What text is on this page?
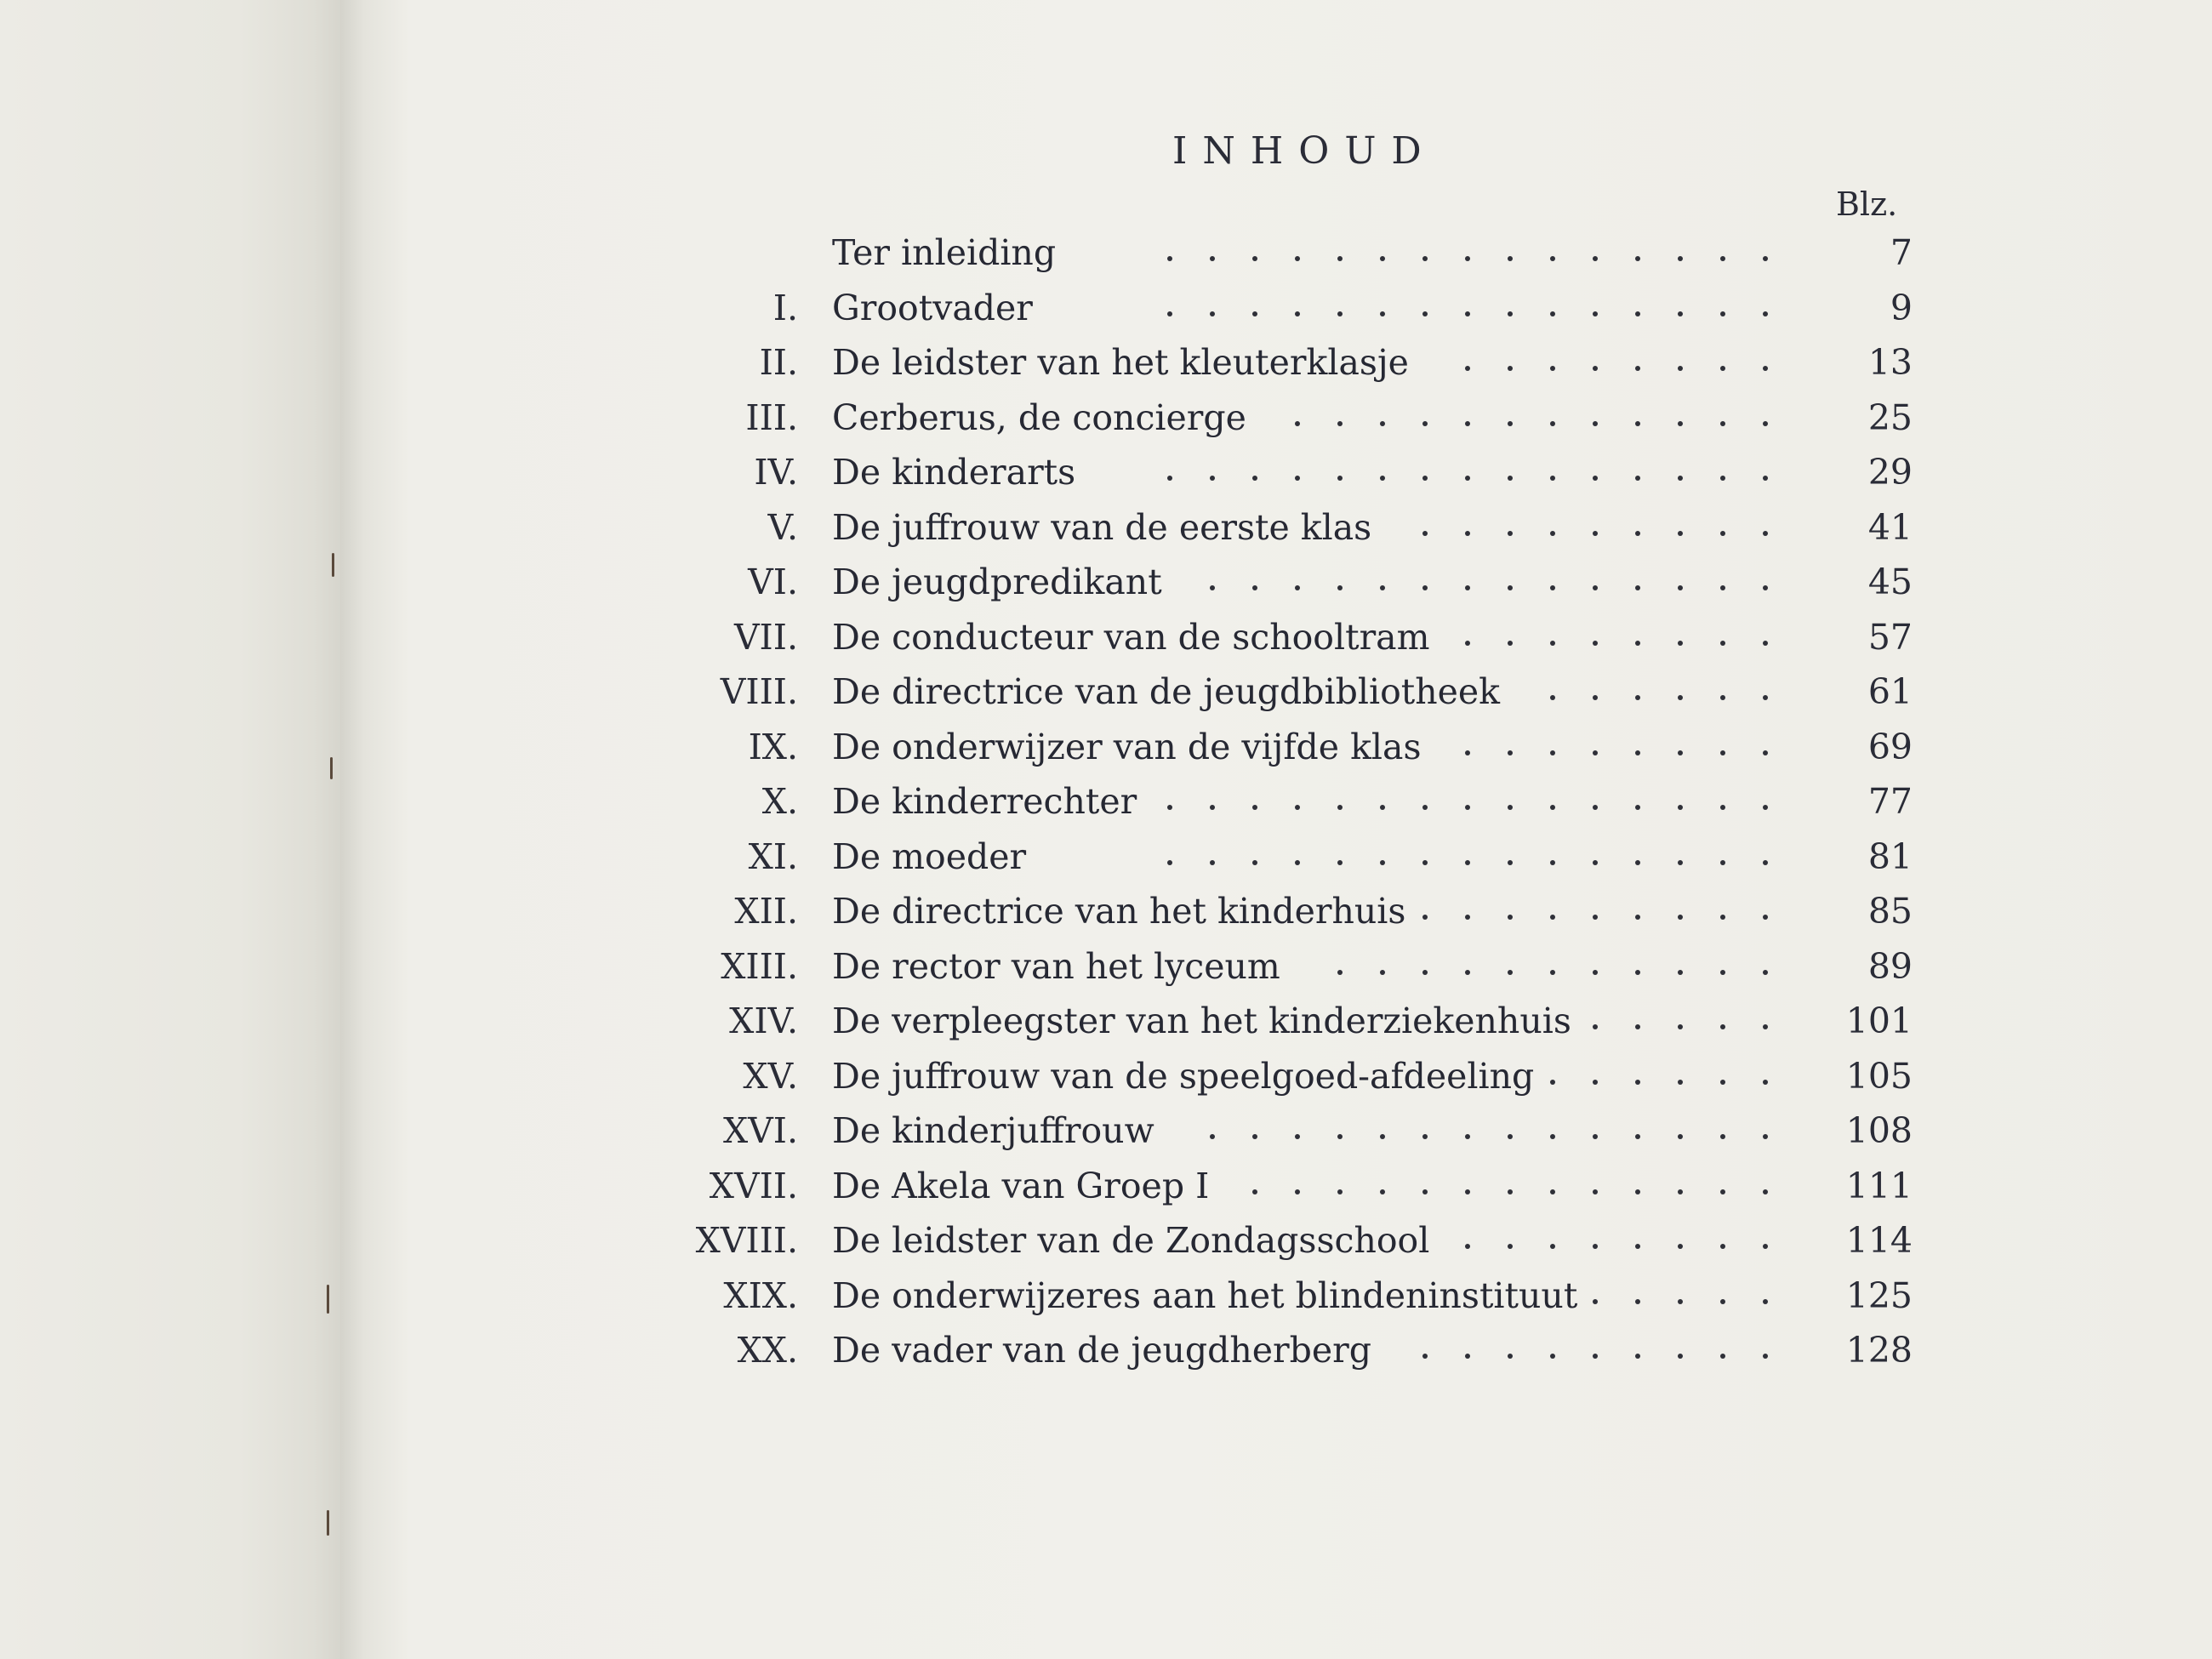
INHOUD
Blz.
Ter inleiding	7
I. Grootvader	9
II. De leidster van het kleuterklasje	13
III. Cerberus, de concierge	25
IV. De kinderarts	29
V. De juffrouw van de eerste klas	41
VI. De jeugdpredikant	45
VII. De conducteur van de schooltram	57
VIII. De directrice van de jeugdbibliotheek	61
IX. De onderwijzer van de vijfde klas	69
X. De kinderrechter	77
XI. De moeder	81
XII. De directrice van het kinderhuis	85
XIII. De rector van het lyceum	89
XIV. De verpleegster van het kinderziekenhuis	101
XV. De juffrouw van de speelgoed-afdeeling	105
XVI. De kinderjuffrouw	108
XVII. De Akela van Groep I	111
XVIII. De leidster van de Zondagsschool	114
XIX. De onderwijzeres aan het blindeninstituut	125
XX. De vader van de jeugdherberg	128
